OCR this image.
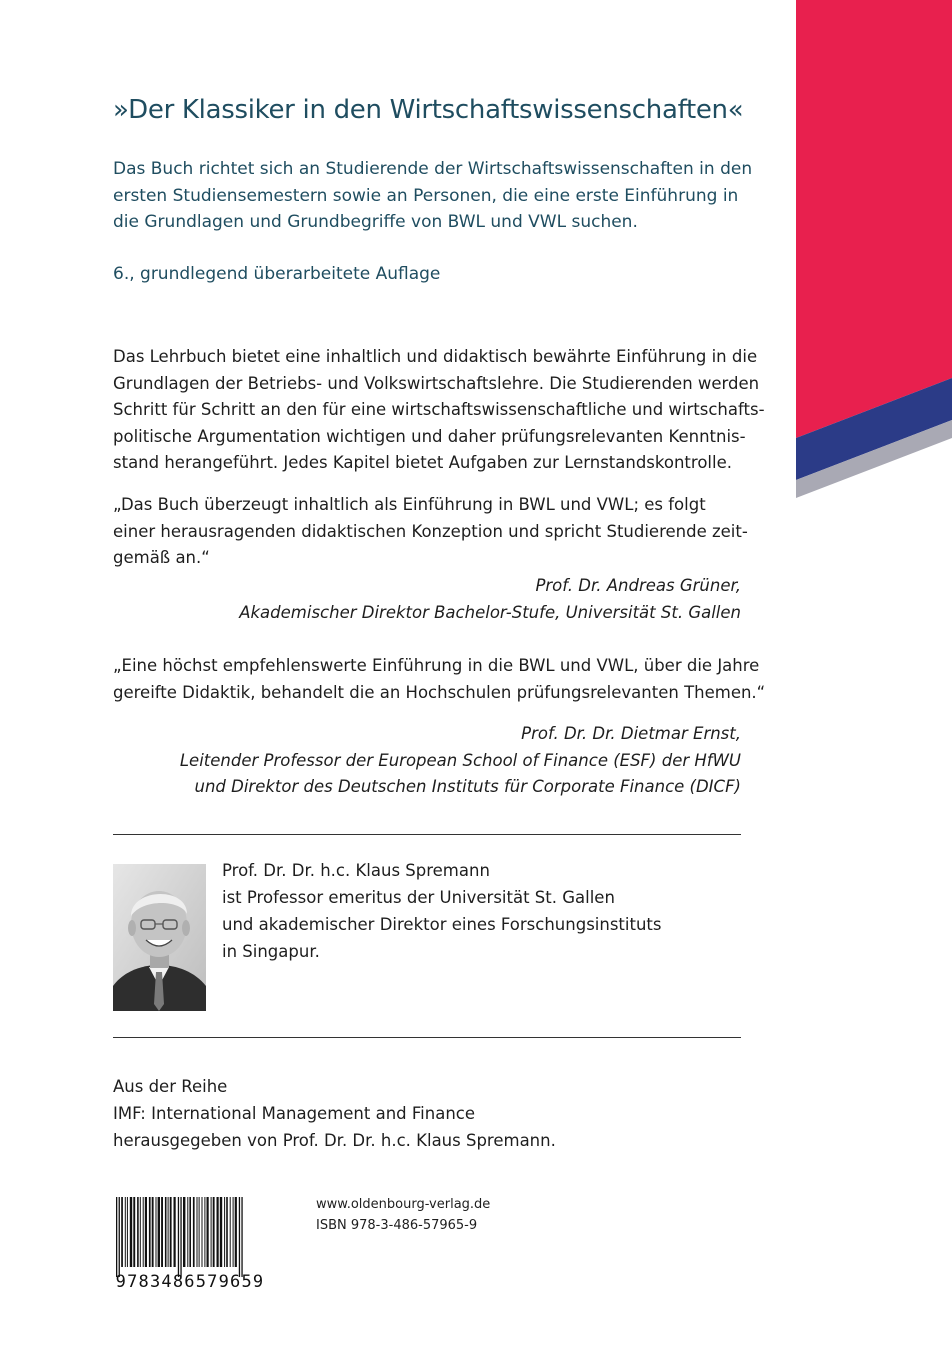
»Der Klassiker in den Wirtschaftswissenschaften«
Das Buch richtet sich an Studierende der Wirtschaftswissenschaften in den
ersten Studiensemestern sowie an Personen, die eine erste Einführung in
die Grundlagen und Grundbegriffe von BWL und VWL suchen.
6., grundlegend überarbeitete Auflage
Das Lehrbuch bietet eine inhaltlich und didaktisch bewährte Einführung in die
Grundlagen der Betriebs- und Volkswirtschaftslehre. Die Studierenden werden
Schritt für Schritt an den für eine wirtschaftswissenschaftliche und wirtschafts-
politische Argumentation wichtigen und daher prüfungsrelevanten Kenntnis-
stand herangeführt. Jedes Kapitel bietet Aufgaben zur Lernstandskontrolle.
„Das Buch überzeugt inhaltlich als Einführung in BWL und VWL; es folgt
einer herausragenden didaktischen Konzeption und spricht Studierende zeit-
gemäß an.“
Prof. Dr. Andreas Grüner,
Akademischer Direktor Bachelor-Stufe, Universität St. Gallen
„Eine höchst empfehlenswerte Einführung in die BWL und VWL, über die Jahre
gereifte Didaktik, behandelt die an Hochschulen prüfungsrelevanten Themen.“
Prof. Dr. Dr. Dietmar Ernst,
Leitender Professor der European School of Finance (ESF) der HfWU
und Direktor des Deutschen Instituts für Corporate Finance (DICF)
Prof. Dr. Dr. h.c. Klaus Spremann
ist Professor emeritus der Universität St. Gallen
und akademischer Direktor eines Forschungsinstituts
in Singapur.
Aus der Reihe
IMF: International Management and Finance
herausgegeben von Prof. Dr. Dr. h.c. Klaus Spremann.
9783486579659
www.oldenbourg-verlag.de
ISBN 978-3-486-57965-9
